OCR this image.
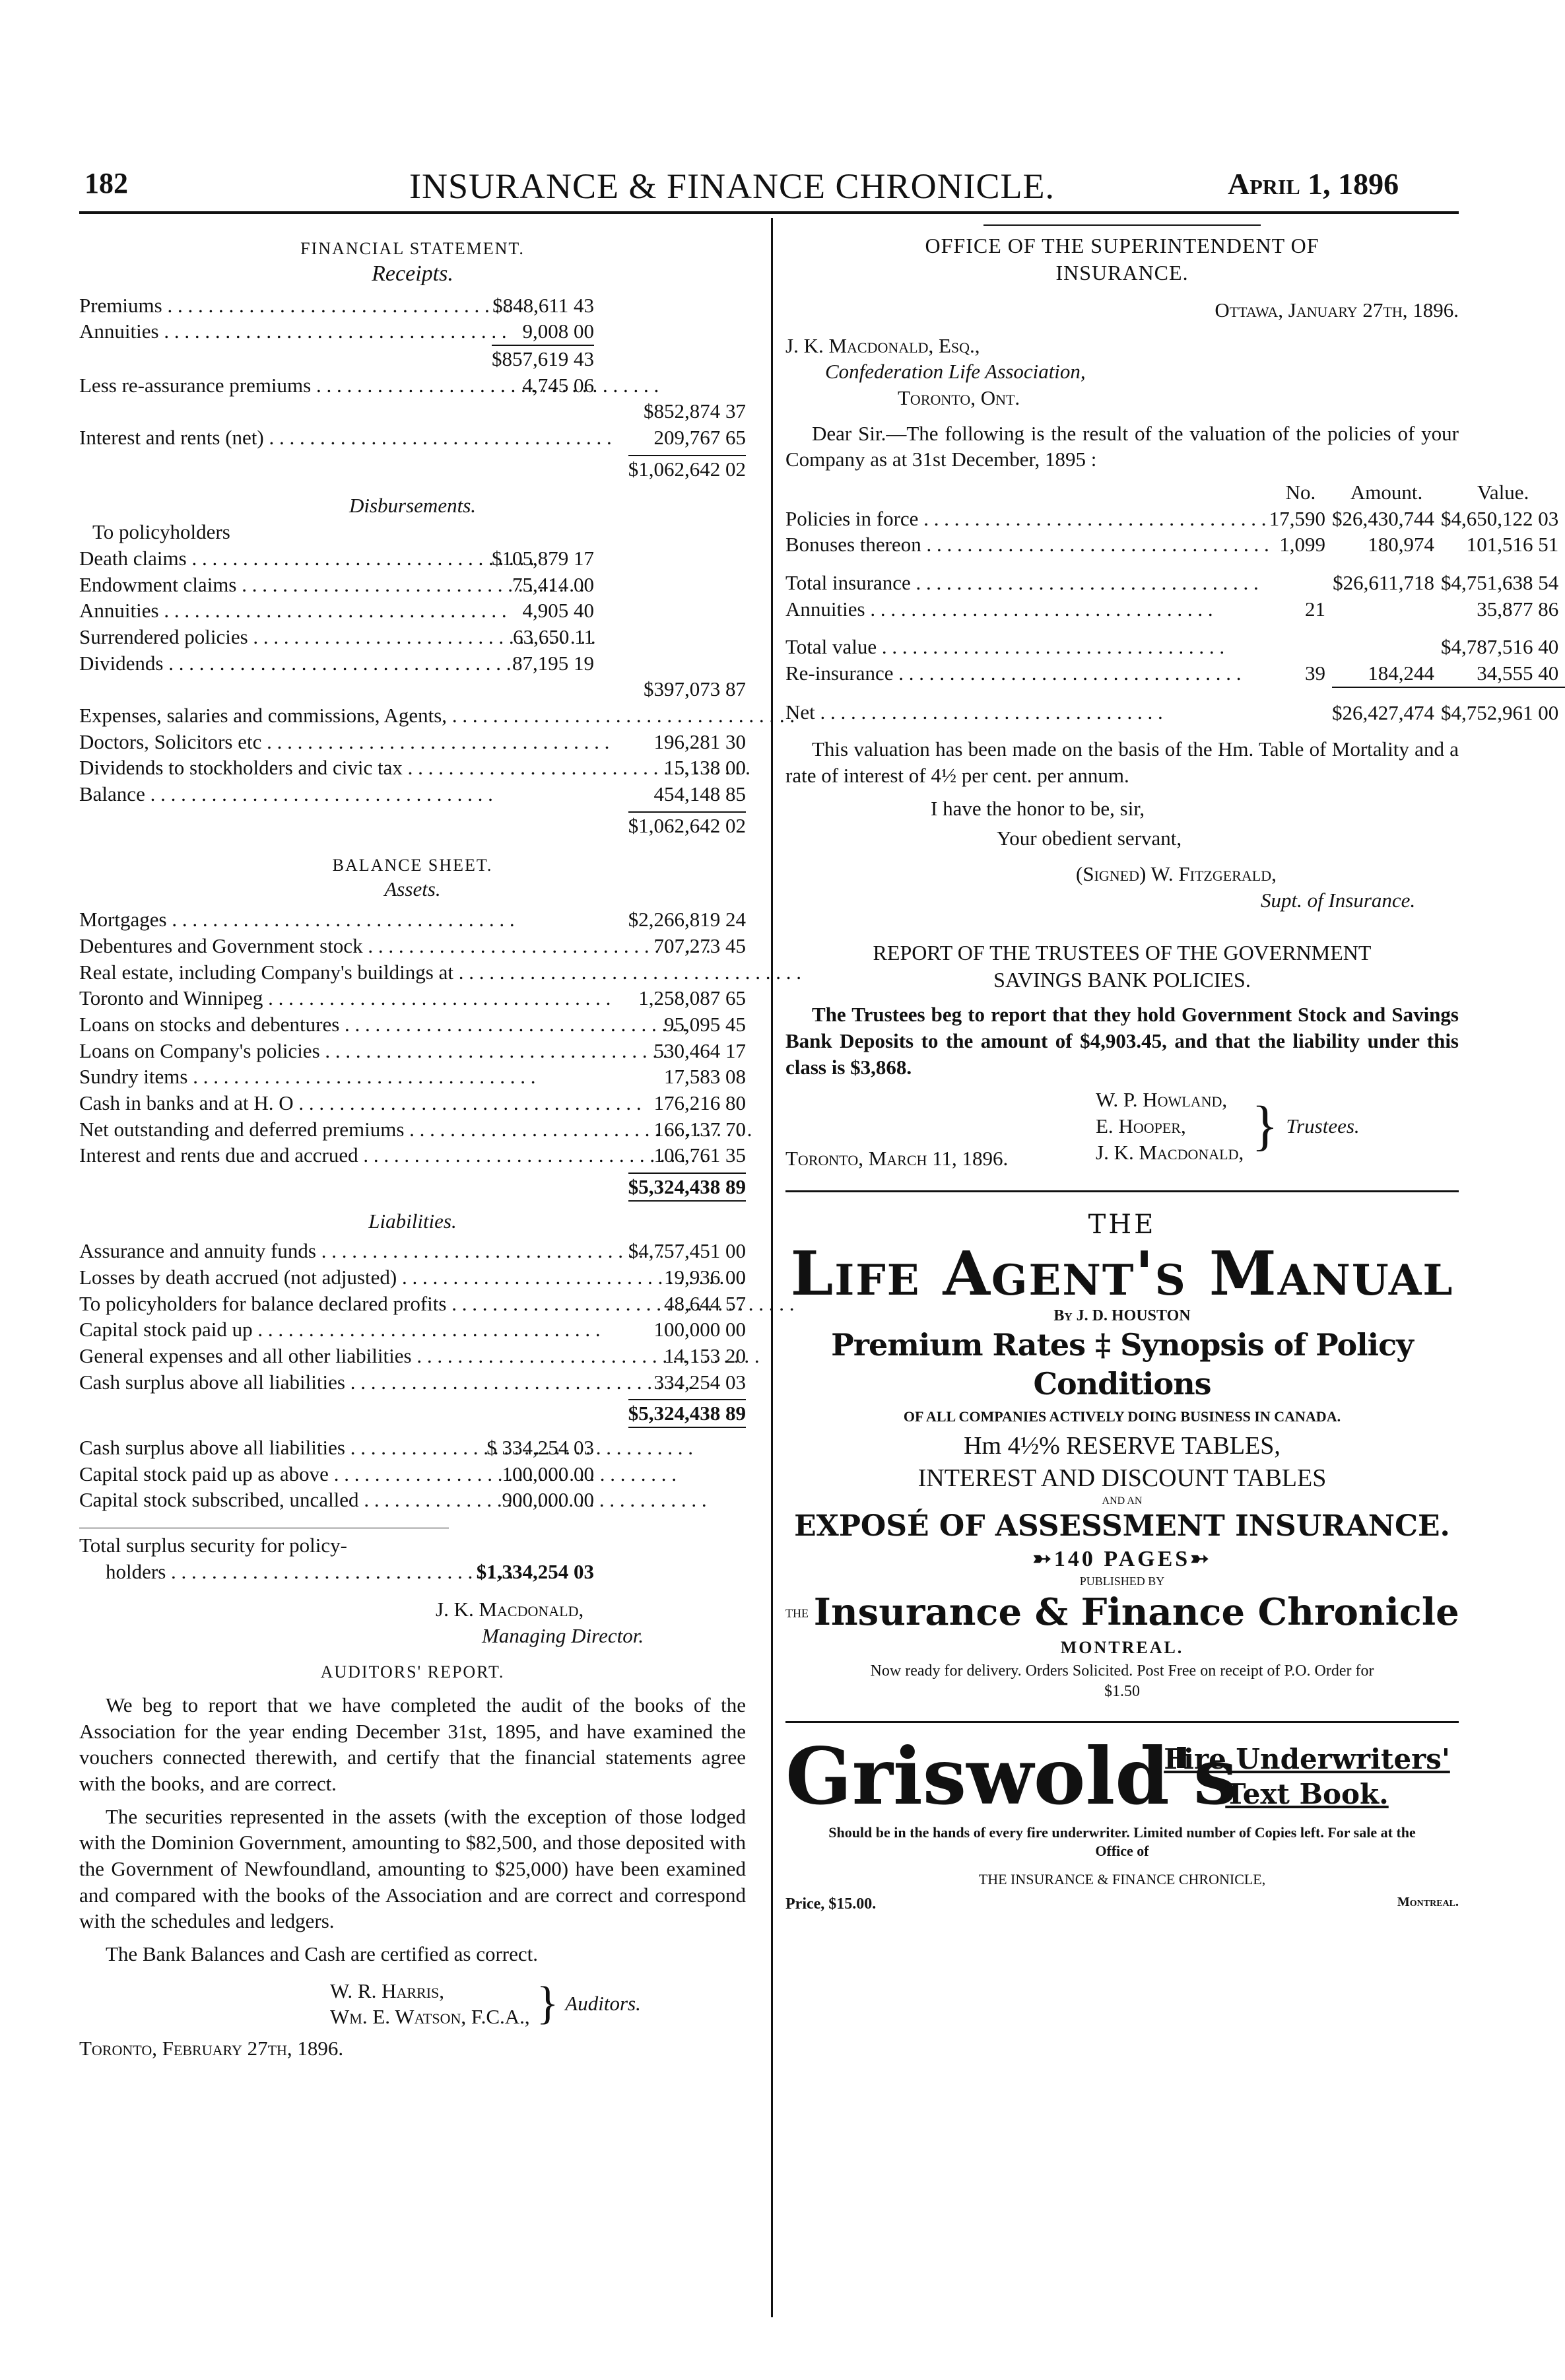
182	INSURANCE & FINANCE CHRONICLE.	April 1, 1896
FINANCIAL STATEMENT.
Receipts.
Premiums . . .	$848,611 43
Annuities . . .	9,008 00
$857,619 43
Less re-assurance premiums . . .	4,745 06
$852,874 37
Interest and rents (net) . . .	209,767 65
$1,062,642 02
Disbursements.
To policyholders
Death claims . . .	$105,879 17
Endowment claims . . .	75,414 00
Annuities . . .	4,905 40
Surrendered policies . . .	63,650 11
Dividends . . .	87,195 19
$397,073 87
Expenses, salaries and commissions, Agents, . . .
Doctors, Solicitors etc . . .	196,281 30
Dividends to stockholders and civic tax . . .	15,138 00
Balance . . .	454,148 85
$1,062,642 02
BALANCE SHEET.
Assets.
Mortgages . . .	$2,266,819 24
Debentures and Government stock . . .	707,273 45
Real estate, including Company's buildings at . . .
Toronto and Winnipeg . . .	1,258,087 65
Loans on stocks and debentures . . .	95,095 45
Loans on Company's policies . . .	530,464 17
Sundry items . . .	17,583 08
Cash in banks and at H. O . . .	176,216 80
Net outstanding and deferred premiums . . .	166,137 70
Interest and rents due and accrued . . .	106,761 35
$5,324,438 89
Liabilities.
Assurance and annuity funds . . .	$4,757,451 00
Losses by death accrued (not adjusted) . . .	19,936 00
To policyholders for balance declared profits . . .	48,644 57
Capital stock paid up . . .	100,000 00
General expenses and all other liabilities . . .	14,153 20
Cash surplus above all liabilities . . .	334,254 03
$5,324,438 89
Cash surplus above all liabilities . . .	$ 334,254 03
Capital stock paid up as above . . .	100,000 00
Capital stock subscribed, uncalled . . .	900,000 00
Total surplus security for policy-
holders . . .	$1,334,254 03
J. K. Macdonald,
Managing Director.
AUDITORS' REPORT.

We beg to report that we have completed the audit of the books of the Association for the year ending December 31st, 1895, and have examined the vouchers connected therewith, and certify that the financial statements agree with the books, and are correct.

The securities represented in the assets (with the exception of those lodged with the Dominion Government, amounting to $82,500, and those deposited with the Government of Newfoundland, amounting to $25,000) have been examined and compared with the books of the Association and are correct and correspond with the schedules and ledgers.

The Bank Balances and Cash are certified as correct.

W. R. Harris,
Wm. E. Watson, F.C.A., } Auditors.
Toronto, February 27th, 1896.
OFFICE OF THE SUPERINTENDENT OF
INSURANCE.
Ottawa, January 27th, 1896.
J. K. Macdonald, Esq.,
Confederation Life Association,
Toronto, Ont.

Dear Sir.—The following is the result of the valuation of the policies of your Company as at 31st December, 1895 :

	No.	Amount.	Value.
Policies in force . . .	17,590	$26,430,744	$4,650,122 03
Bonuses thereon . . .	1,099	180,974	101,516 51
Total insurance . . .		$26,611,718	$4,751,638 54
Annuities . . .	21		35,877 86
Total value . . .			$4,787,516 40
Re-insurance . . .	39	184,244	34,555 40
Net . . .		$26,427,474	$4,752,961 00

This valuation has been made on the basis of the Hm. Table of Mortality and a rate of interest of 4½ per cent. per annum.

I have the honor to be, sir,
Your obedient servant,
(Signed) W. Fitzgerald,
Supt. of Insurance.
REPORT OF THE TRUSTEES OF THE GOVERNMENT
SAVINGS BANK POLICIES.

The Trustees beg to report that they hold Government Stock and Savings Bank Deposits to the amount of $4,903.45, and that the liability under this class is $3,868.

W. P. Howland,
E. Hooper,
J. K. Macdonald, } Trustees.
Toronto, March 11, 1896.
THE
Life Agent's Manual
By J. D. HOUSTON
Premium Rates ‡ Synopsis of Policy Conditions
OF ALL COMPANIES ACTIVELY DOING BUSINESS IN CANADA.
Hm 4½% RESERVE TABLES,
INTEREST AND DISCOUNT TABLES
AND AN
EXPOSÉ OF ASSESSMENT INSURANCE.
➳140 PAGES➳
PUBLISHED BY
$^{THE}$ Insurance & Finance Chronicle
MONTREAL.
Now ready for delivery. Orders Solicited. Post Free on receipt of P.O. Order for $1.50
Griswold's
Fire Underwriters'
Text Book.
Should be in the hands of every fire underwriter. Limited number of Copies left. For sale at the Office of
THE INSURANCE & FINANCE CHRONICLE,
Price, $15.00.	Montreal.
